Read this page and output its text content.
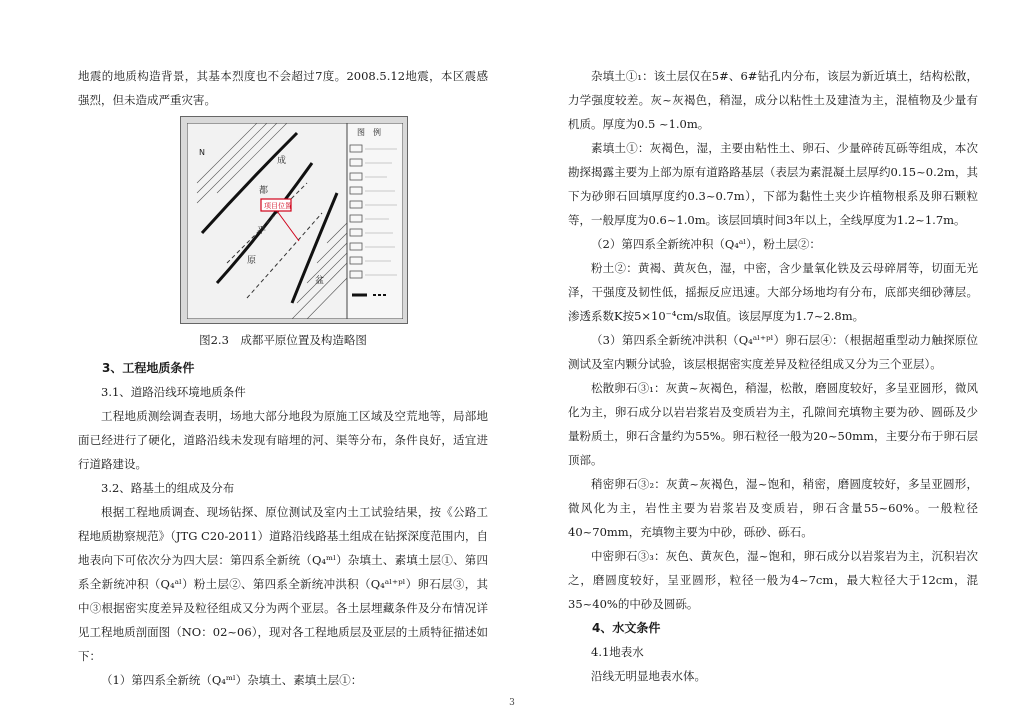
地震的地质构造背景，其基本烈度也不会超过7度。2008.5.12地震，本区震感强烈，但未造成严重灾害。

图　例
N
成
都
平
原
盆
项目位置

图2.3　成都平原位置及构造略图

3、工程地质条件

3.1、道路沿线环境地质条件

工程地质测绘调查表明，场地大部分地段为原施工区域及空荒地等，局部地面已经进行了硬化，道路沿线未发现有暗埋的河、渠等分布，条件良好，适宜进行道路建设。

3.2、路基土的组成及分布

根据工程地质调查、现场钻探、原位测试及室内土工试验结果，按《公路工程地质勘察规范》（JTG C20-2011）道路沿线路基土组成在钻探深度范围内，自地表向下可依次分为四大层：第四系全新统（Q₄ᵐˡ）杂填土、素填土层①、第四系全新统冲积（Q₄ᵃˡ）粉土层②、第四系全新统冲洪积（Q₄ᵃˡ⁺ᵖˡ）卵石层③，其中③根据密实度差异及粒径组成又分为两个亚层。各土层埋藏条件及分布情况详见工程地质剖面图（NO：02~06），现对各工程地质层及亚层的土质特征描述如下：

（1）第四系全新统（Q₄ᵐˡ）杂填土、素填土层①：

杂填土①₁：该土层仅在5#、6#钻孔内分布，该层为新近填土，结构松散，力学强度较差。灰~灰褐色，稍湿，成分以粘性土及建渣为主，混植物及少量有机质。厚度为0.5 ~1.0m。

素填土①：灰褐色，湿，主要由粘性土、卵石、少量碎砖瓦砾等组成，本次勘探揭露主要为上部为原有道路路基层（表层为素混凝土层厚约0.15~0.2m，其下为砂卵石回填厚度约0.3~0.7m），下部为黏性土夹少许植物根系及卵石颗粒等，一般厚度为0.6~1.0m。该层回填时间3年以上，全线厚度为1.2~1.7m。

（2）第四系全新统冲积（Q₄ᵃˡ），粉土层②：

粉土②：黄褐、黄灰色，湿，中密，含少量氧化铁及云母碎屑等，切面无光泽，干强度及韧性低，摇振反应迅速。大部分场地均有分布，底部夹细砂薄层。渗透系数K按5×10⁻⁴cm/s取值。该层厚度为1.7~2.8m。

（3）第四系全新统冲洪积（Q₄ᵃˡ⁺ᵖˡ）卵石层④：（根据超重型动力触探原位测试及室内颗分试验，该层根据密实度差异及粒径组成又分为三个亚层）。

松散卵石③₁：灰黄~灰褐色，稍湿，松散，磨圆度较好，多呈亚圆形，微风化为主，卵石成分以岩岩浆岩及变质岩为主，孔隙间充填物主要为砂、圆砾及少量粉质土，卵石含量约为55%。卵石粒径一般为20~50mm，主要分布于卵石层顶部。

稍密卵石③₂：灰黄~灰褐色，湿~饱和，稍密，磨圆度较好，多呈亚圆形，微风化为主，岩性主要为岩浆岩及变质岩，卵石含量55~60%。一般粒径40~70mm，充填物主要为中砂，砾砂、砾石。

中密卵石③₃：灰色、黄灰色，湿~饱和，卵石成分以岩浆岩为主，沉积岩次之，磨圆度较好，呈亚圆形，粒径一般为4~7cm，最大粒径大于12cm，混35~40%的中砂及圆砾。

4、水文条件

4.1地表水

沿线无明显地表水体。

3
